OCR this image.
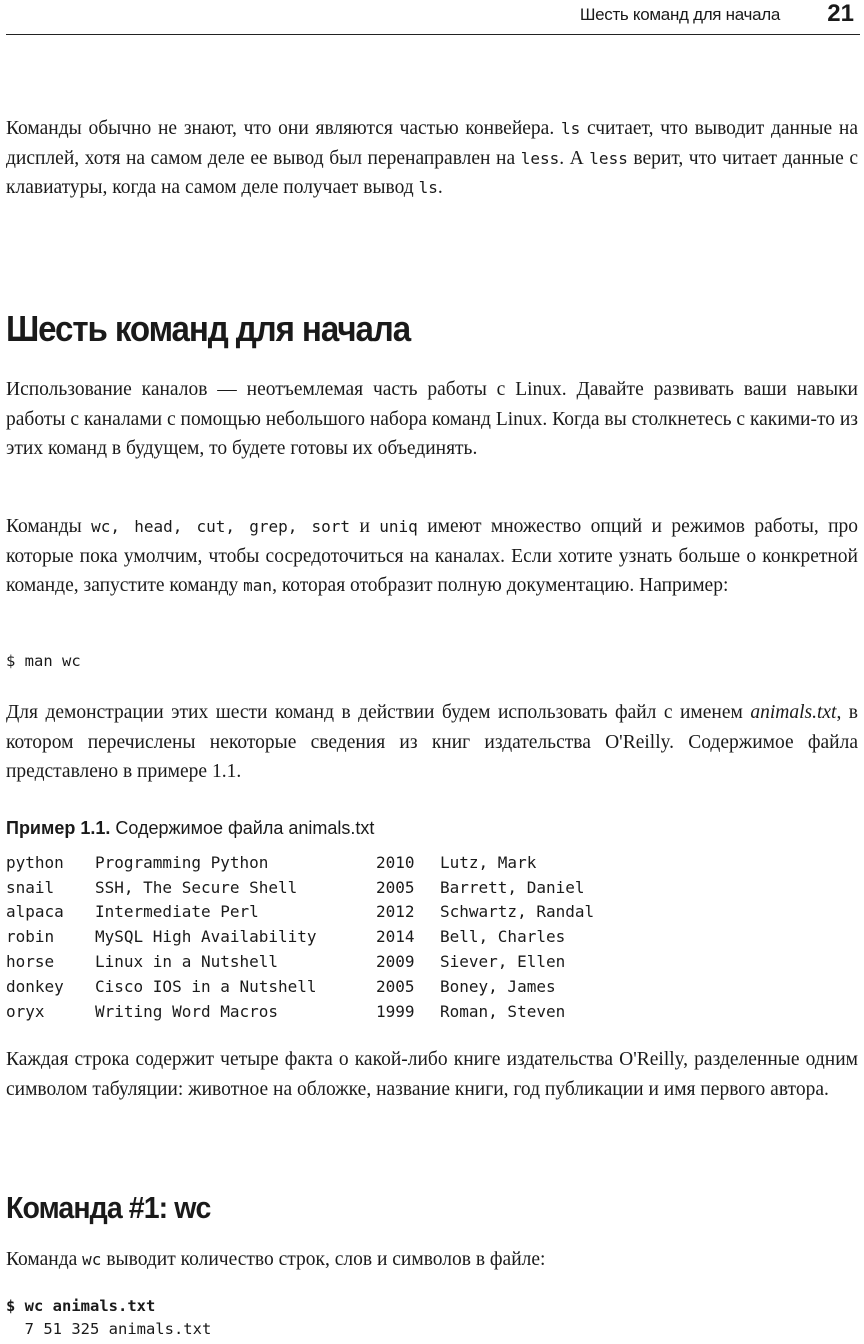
Шесть команд для начала 21

Команды обычно не знают, что они являются частью конвейера. ls считает, что выводит данные на дисплей, хотя на самом деле ее вывод был перенаправлен на less. А less верит, что читает данные с клавиатуры, когда на самом деле получает вывод ls.

Шесть команд для начала

Использование каналов — неотъемлемая часть работы с Linux. Давайте развивать ваши навыки работы с каналами с помощью небольшого набора команд Linux. Когда вы столкнетесь с какими-то из этих команд в будущем, то будете готовы их объединять.

Команды wc, head, cut, grep, sort и uniq имеют множество опций и режимов работы, про которые пока умолчим, чтобы сосредоточиться на каналах. Если хотите узнать больше о конкретной команде, запустите команду man, которая отобразит полную документацию. Например:

$ man wc

Для демонстрации этих шести команд в действии будем использовать файл с именем animals.txt, в котором перечислены некоторые сведения из книг издательства O'Reilly. Содержимое файла представлено в примере 1.1.

Пример 1.1. Содержимое файла animals.txt
python	Programming Python	2010	Lutz, Mark
snail	SSH, The Secure Shell	2005	Barrett, Daniel
alpaca	Intermediate Perl	2012	Schwartz, Randal
robin	MySQL High Availability	2014	Bell, Charles
horse	Linux in a Nutshell	2009	Siever, Ellen
donkey	Cisco IOS in a Nutshell	2005	Boney, James
oryx	Writing Word Macros	1999	Roman, Steven

Каждая строка содержит четыре факта о какой-либо книге издательства O'Reilly, разделенные одним символом табуляции: животное на обложке, название книги, год публикации и имя первого автора.

Команда #1: wc

Команда wc выводит количество строк, слов и символов в файле:

$ wc animals.txt
7 51 325 animals.txt
